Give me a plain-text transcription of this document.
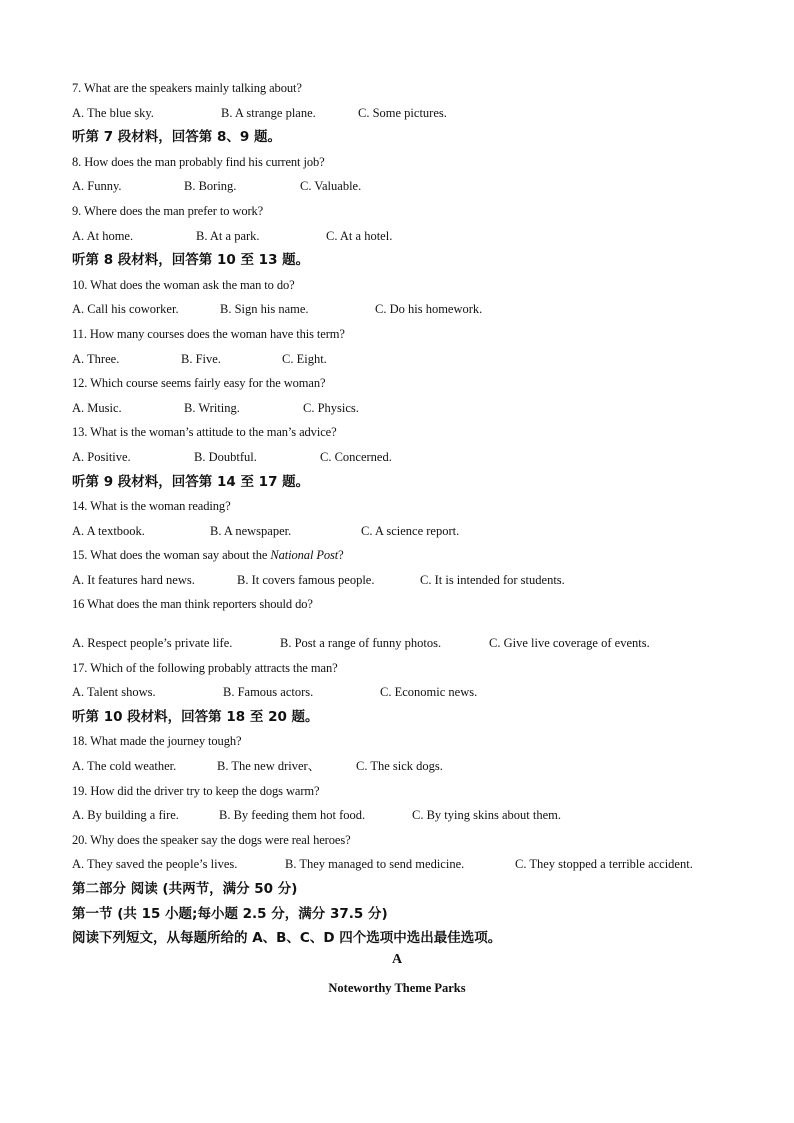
7. What are the speakers mainly talking about?
A. The blue sky.	B. A strange plane.	C. Some pictures.
听第 7 段材料，回答第 8、9 题。
8. How does the man probably find his current job?
A. Funny.	B. Boring.	C. Valuable.
9. Where does the man prefer to work?
A. At home.	B. At a park.	C. At a hotel.
听第 8 段材料，回答第 10 至 13 题。
10. What does the woman ask the man to do?
A. Call his coworker.	B. Sign his name.	C. Do his homework.
11. How many courses does the woman have this term?
A. Three.	B. Five.	C. Eight.
12. Which course seems fairly easy for the woman?
A. Music.	B. Writing.	C. Physics.
13. What is the woman’s attitude to the man’s advice?
A. Positive.	B. Doubtful.	C. Concerned.
听第 9 段材料，回答第 14 至 17 题。
14. What is the woman reading?
A. A textbook.	B. A newspaper.	C. A science report.
15. What does the woman say about the National Post?
A. It features hard news.	B. It covers famous people.	C. It is intended for students.
16 What does the man think reporters should do?
A. Respect people’s private life.	B. Post a range of funny photos.	C. Give live coverage of events.
17. Which of the following probably attracts the man?
A. Talent shows.	B. Famous actors.	C. Economic news.
听第 10 段材料，回答第 18 至 20 题。
18. What made the journey tough?
A. The cold weather.	B. The new driver、	C. The sick dogs.
19. How did the driver try to keep the dogs warm?
A. By building a fire.	B. By feeding them hot food.	C. By tying skins about them.
20. Why does the speaker say the dogs were real heroes?
A. They saved the people’s lives.	B. They managed to send medicine.	C. They stopped a terrible accident.
第二部分 阅读 (共两节，满分 50 分)
第一节 (共 15 小题;每小题 2.5 分，满分 37.5 分)
阅读下列短文，从每题所给的 A、B、C、D 四个选项中选出最佳选项。
A
Noteworthy Theme Parks
